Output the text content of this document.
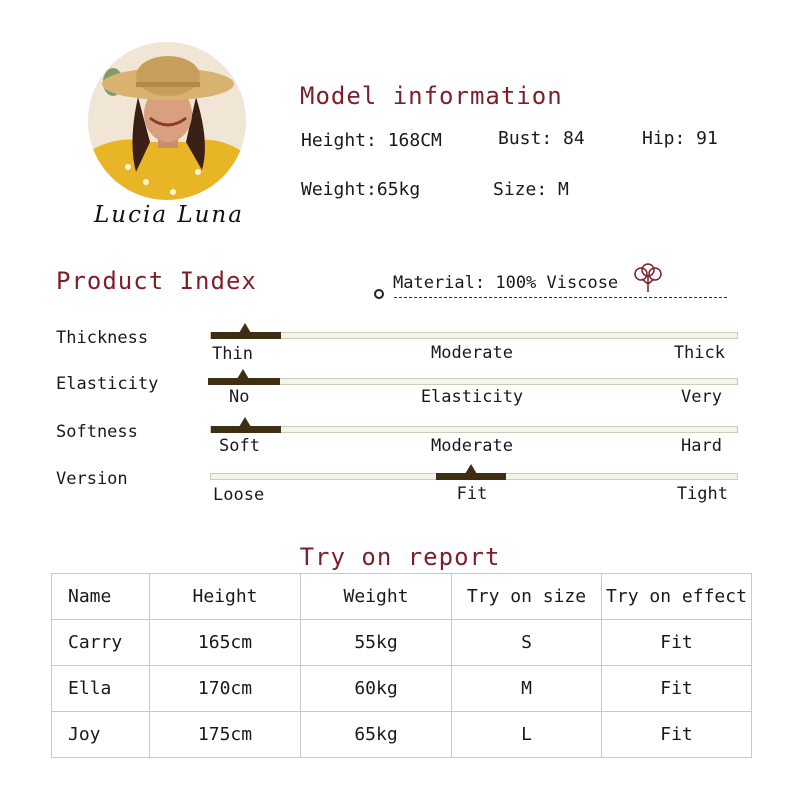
Lucia Luna
Model information
Height: 168CM	Bust: 84	Hip: 91
Weight:65kg	Size: M
Product Index	Material: 100% Viscose
Thickness
Thin	Moderate	Thick
Elasticity
No	Elasticity	Very
Softness
Soft	Moderate	Hard
Version
Loose	Fit	Tight
Try on report
Name	Height	Weight	Try on size	Try on effect
Carry	165cm	55kg	S	Fit
Ella	170cm	60kg	M	Fit
Joy	175cm	65kg	L	Fit
